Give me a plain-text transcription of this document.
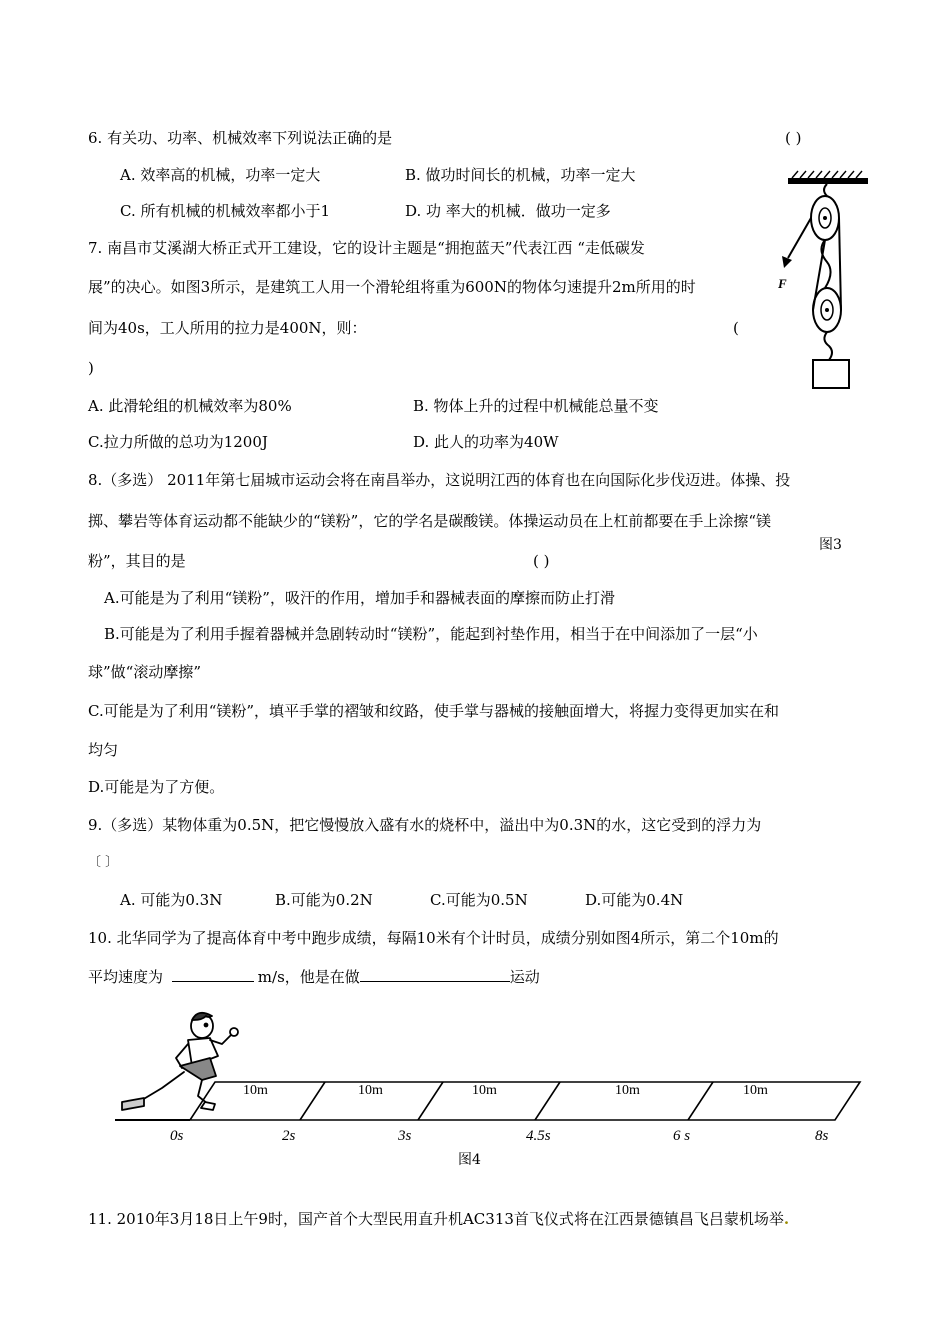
6. 有关功、功率、机械效率下列说法正确的是	( )
A. 效率高的机械，功率一定大	B. 做功时间长的机械，功率一定大
C. 所有机械的机械效率都小于1	D. 功 率大的机械．做功一定多
7. 南昌市艾溪湖大桥正式开工建设，它的设计主题是“拥抱蓝天”代表江西 “走低碳发
展”的决心。如图3所示，是建筑工人用一个滑轮组将重为600N的物体匀速提升2m所用的时
间为40s，工人所用的拉力是400N，则：	(
)
A. 此滑轮组的机械效率为80%	B. 物体上升的过程中机械能总量不变
C.拉力所做的总功为1200J	D. 此人的功率为40W
F
图3
8.（多选） 2011年第七届城市运动会将在南昌举办，这说明江西的体育也在向国际化步伐迈进。体操、投
掷、攀岩等体育运动都不能缺少的“镁粉”，它的学名是碳酸镁。体操运动员在上杠前都要在手上涂擦“镁
粉”，其目的是	( )
A.可能是为了利用“镁粉”，吸汗的作用，增加手和器械表面的摩擦而防止打滑
B.可能是为了利用手握着器械并急剧转动时“镁粉”，能起到衬垫作用，相当于在中间添加了一层“小
球”做“滚动摩擦”
C.可能是为了利用“镁粉”，填平手掌的褶皱和纹路，使手掌与器械的接触面增大，将握力变得更加实在和
均匀
D.可能是为了方便。
9.（多选）某物体重为0.5N，把它慢慢放入盛有水的烧杯中，溢出中为0.3N的水，这它受到的浮力为
〔 〕
A. 可能为0.3N	B.可能为0.2N	C.可能为0.5N	D.可能为0.4N
10. 北华同学为了提高体育中考中跑步成绩，每隔10米有个计时员，成绩分别如图4所示，第二个10m的
平均速度为	m/s，他是在做	运动
10m	10m	10m	10m	10m
0s	2s	3s	4.5s	6 s	8s
图4
11. 2010年3月18日上午9时，国产首个大型民用直升机AC313首飞仪式将在江西景德镇昌飞吕蒙机场举.
